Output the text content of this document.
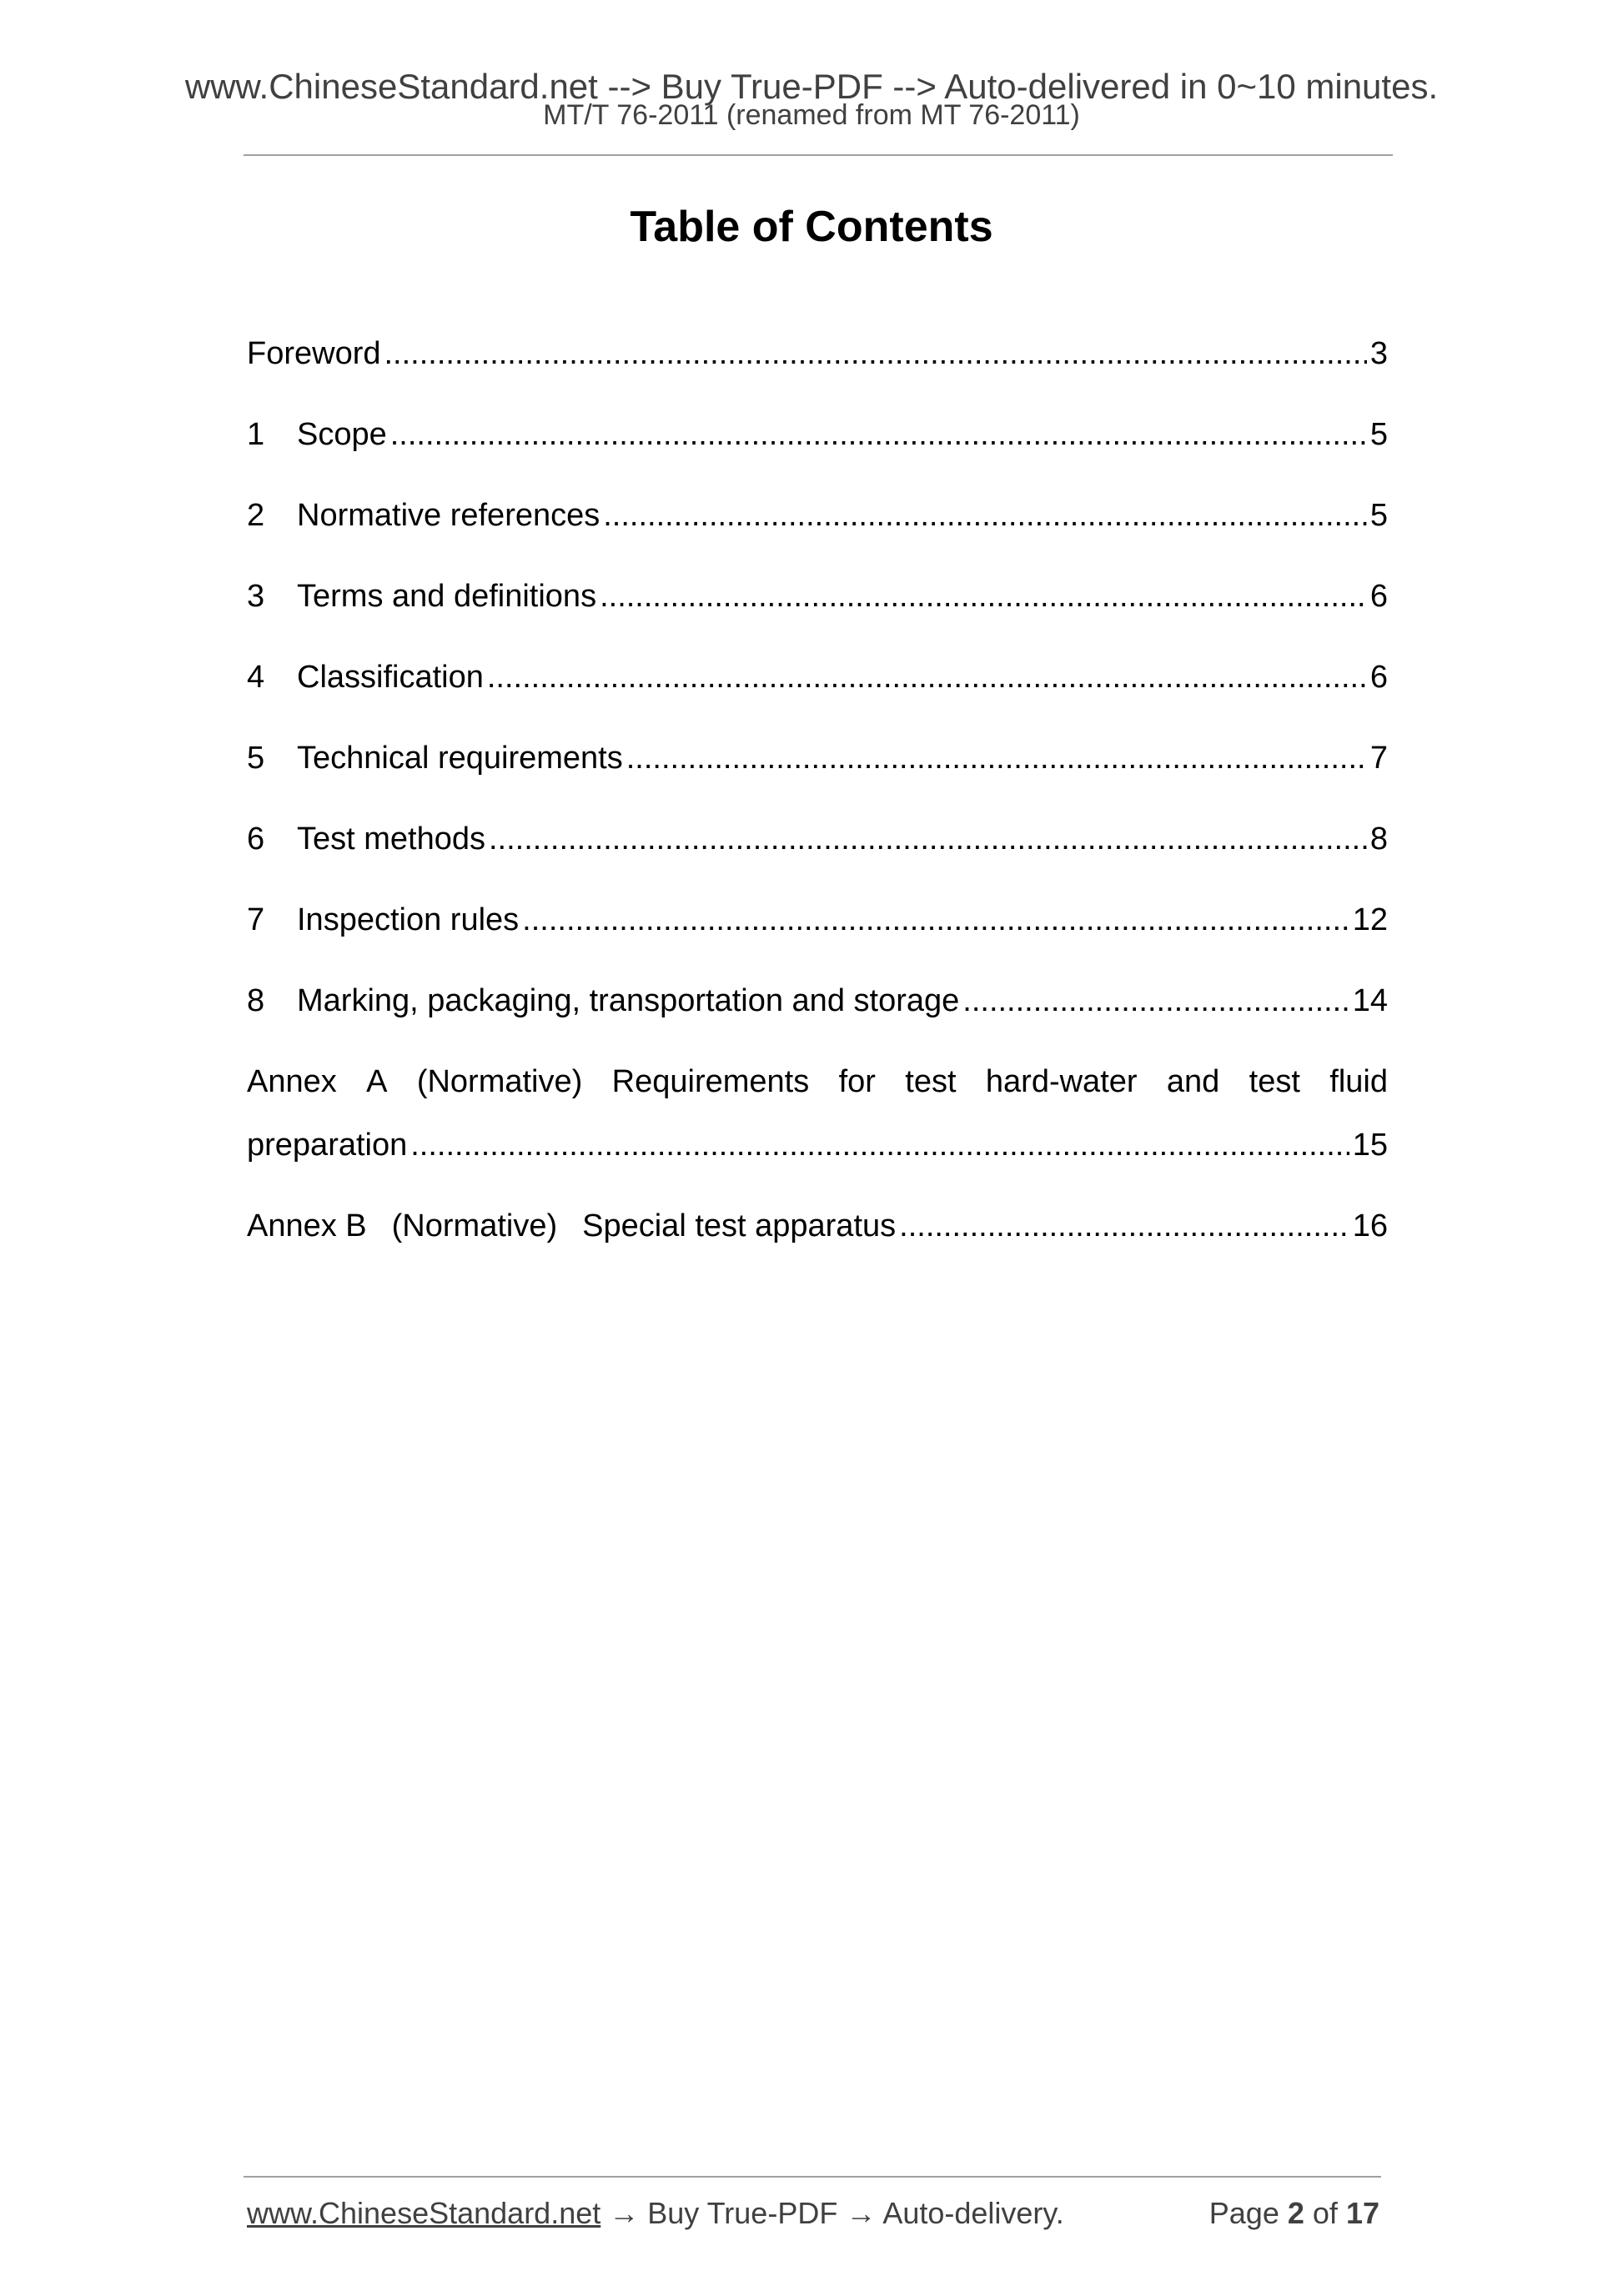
www.ChineseStandard.net --> Buy True-PDF --> Auto-delivered in 0~10 minutes.
MT/T 76-2011 (renamed from MT 76-2011)
Table of Contents
Foreword .....	3
1	Scope .....	5
2	Normative references .....	5
3	Terms and definitions .....	6
4	Classification .....	6
5	Technical requirements .....	7
6	Test methods .....	8
7	Inspection rules .....	12
8	Marking, packaging, transportation and storage .....	14
Annex A (Normative) Requirements for test hard-water and test fluid
preparation .....	15
Annex B (Normative) Special test apparatus .....	16
www.ChineseStandard.net → Buy True-PDF → Auto-delivery.	Page 2 of 17
